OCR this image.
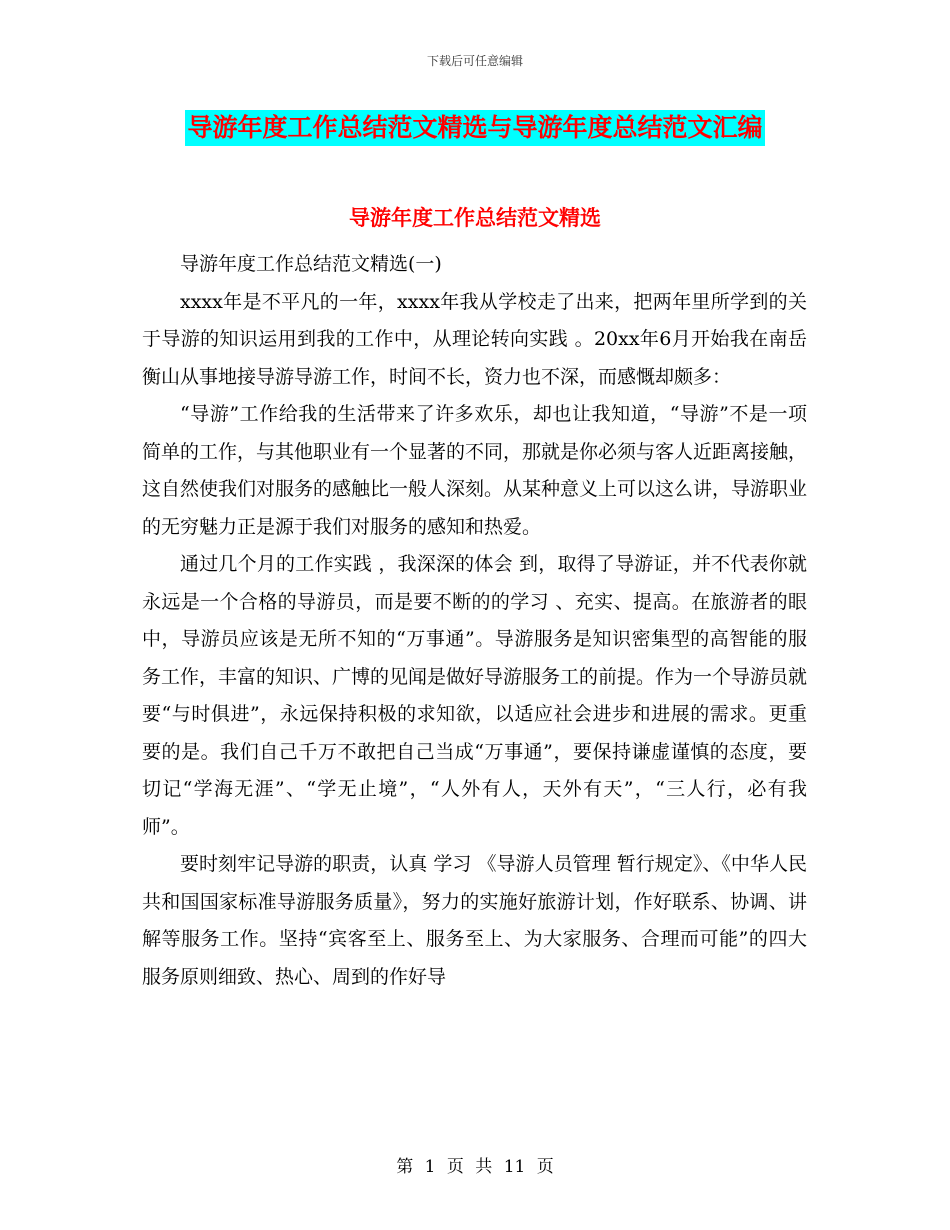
下载后可任意编辑
导游年度工作总结范文精选与导游年度总结范文汇编
导游年度工作总结范文精选

导游年度工作总结范文精选(一)

xxxx年是不平凡的一年，xxxx年我从学校走了出来，把两年里所学到的关于导游的知识运用到我的工作中，从理论转向实践 。20xx年6月开始我在南岳衡山从事地接导游导游工作，时间不长，资力也不深，而感慨却颇多：

“导游”工作给我的生活带来了许多欢乐，却也让我知道，“导游”不是一项简单的工作，与其他职业有一个显著的不同，那就是你必须与客人近距离接触，这自然使我们对服务的感触比一般人深刻。从某种意义上可以这么讲，导游职业的无穷魅力正是源于我们对服务的感知和热爱。

通过几个月的工作实践 ，我深深的体会 到，取得了导游证，并不代表你就永远是一个合格的导游员，而是要不断的的学习 、充实、提高。在旅游者的眼中，导游员应该是无所不知的“万事通”。导游服务是知识密集型的高智能的服务工作，丰富的知识、广博的见闻是做好导游服务工的前提。作为一个导游员就要“与时俱进”，永远保持积极的求知欲，以适应社会进步和进展的需求。更重要的是。我们自己千万不敢把自己当成“万事通”，要保持谦虚谨慎的态度，要切记“学海无涯”、“学无止境”，“人外有人，天外有天”，“三人行，必有我师”。

要时刻牢记导游的职责，认真 学习 《导游人员管理 暂行规定》、《中华人民共和国国家标准导游服务质量》，努力的实施好旅游计划，作好联系、协调、讲解等服务工作。坚持“宾客至上、服务至上、为大家服务、合理而可能”的四大服务原则细致、热心、周到的作好导

第 1 页 共 11 页
